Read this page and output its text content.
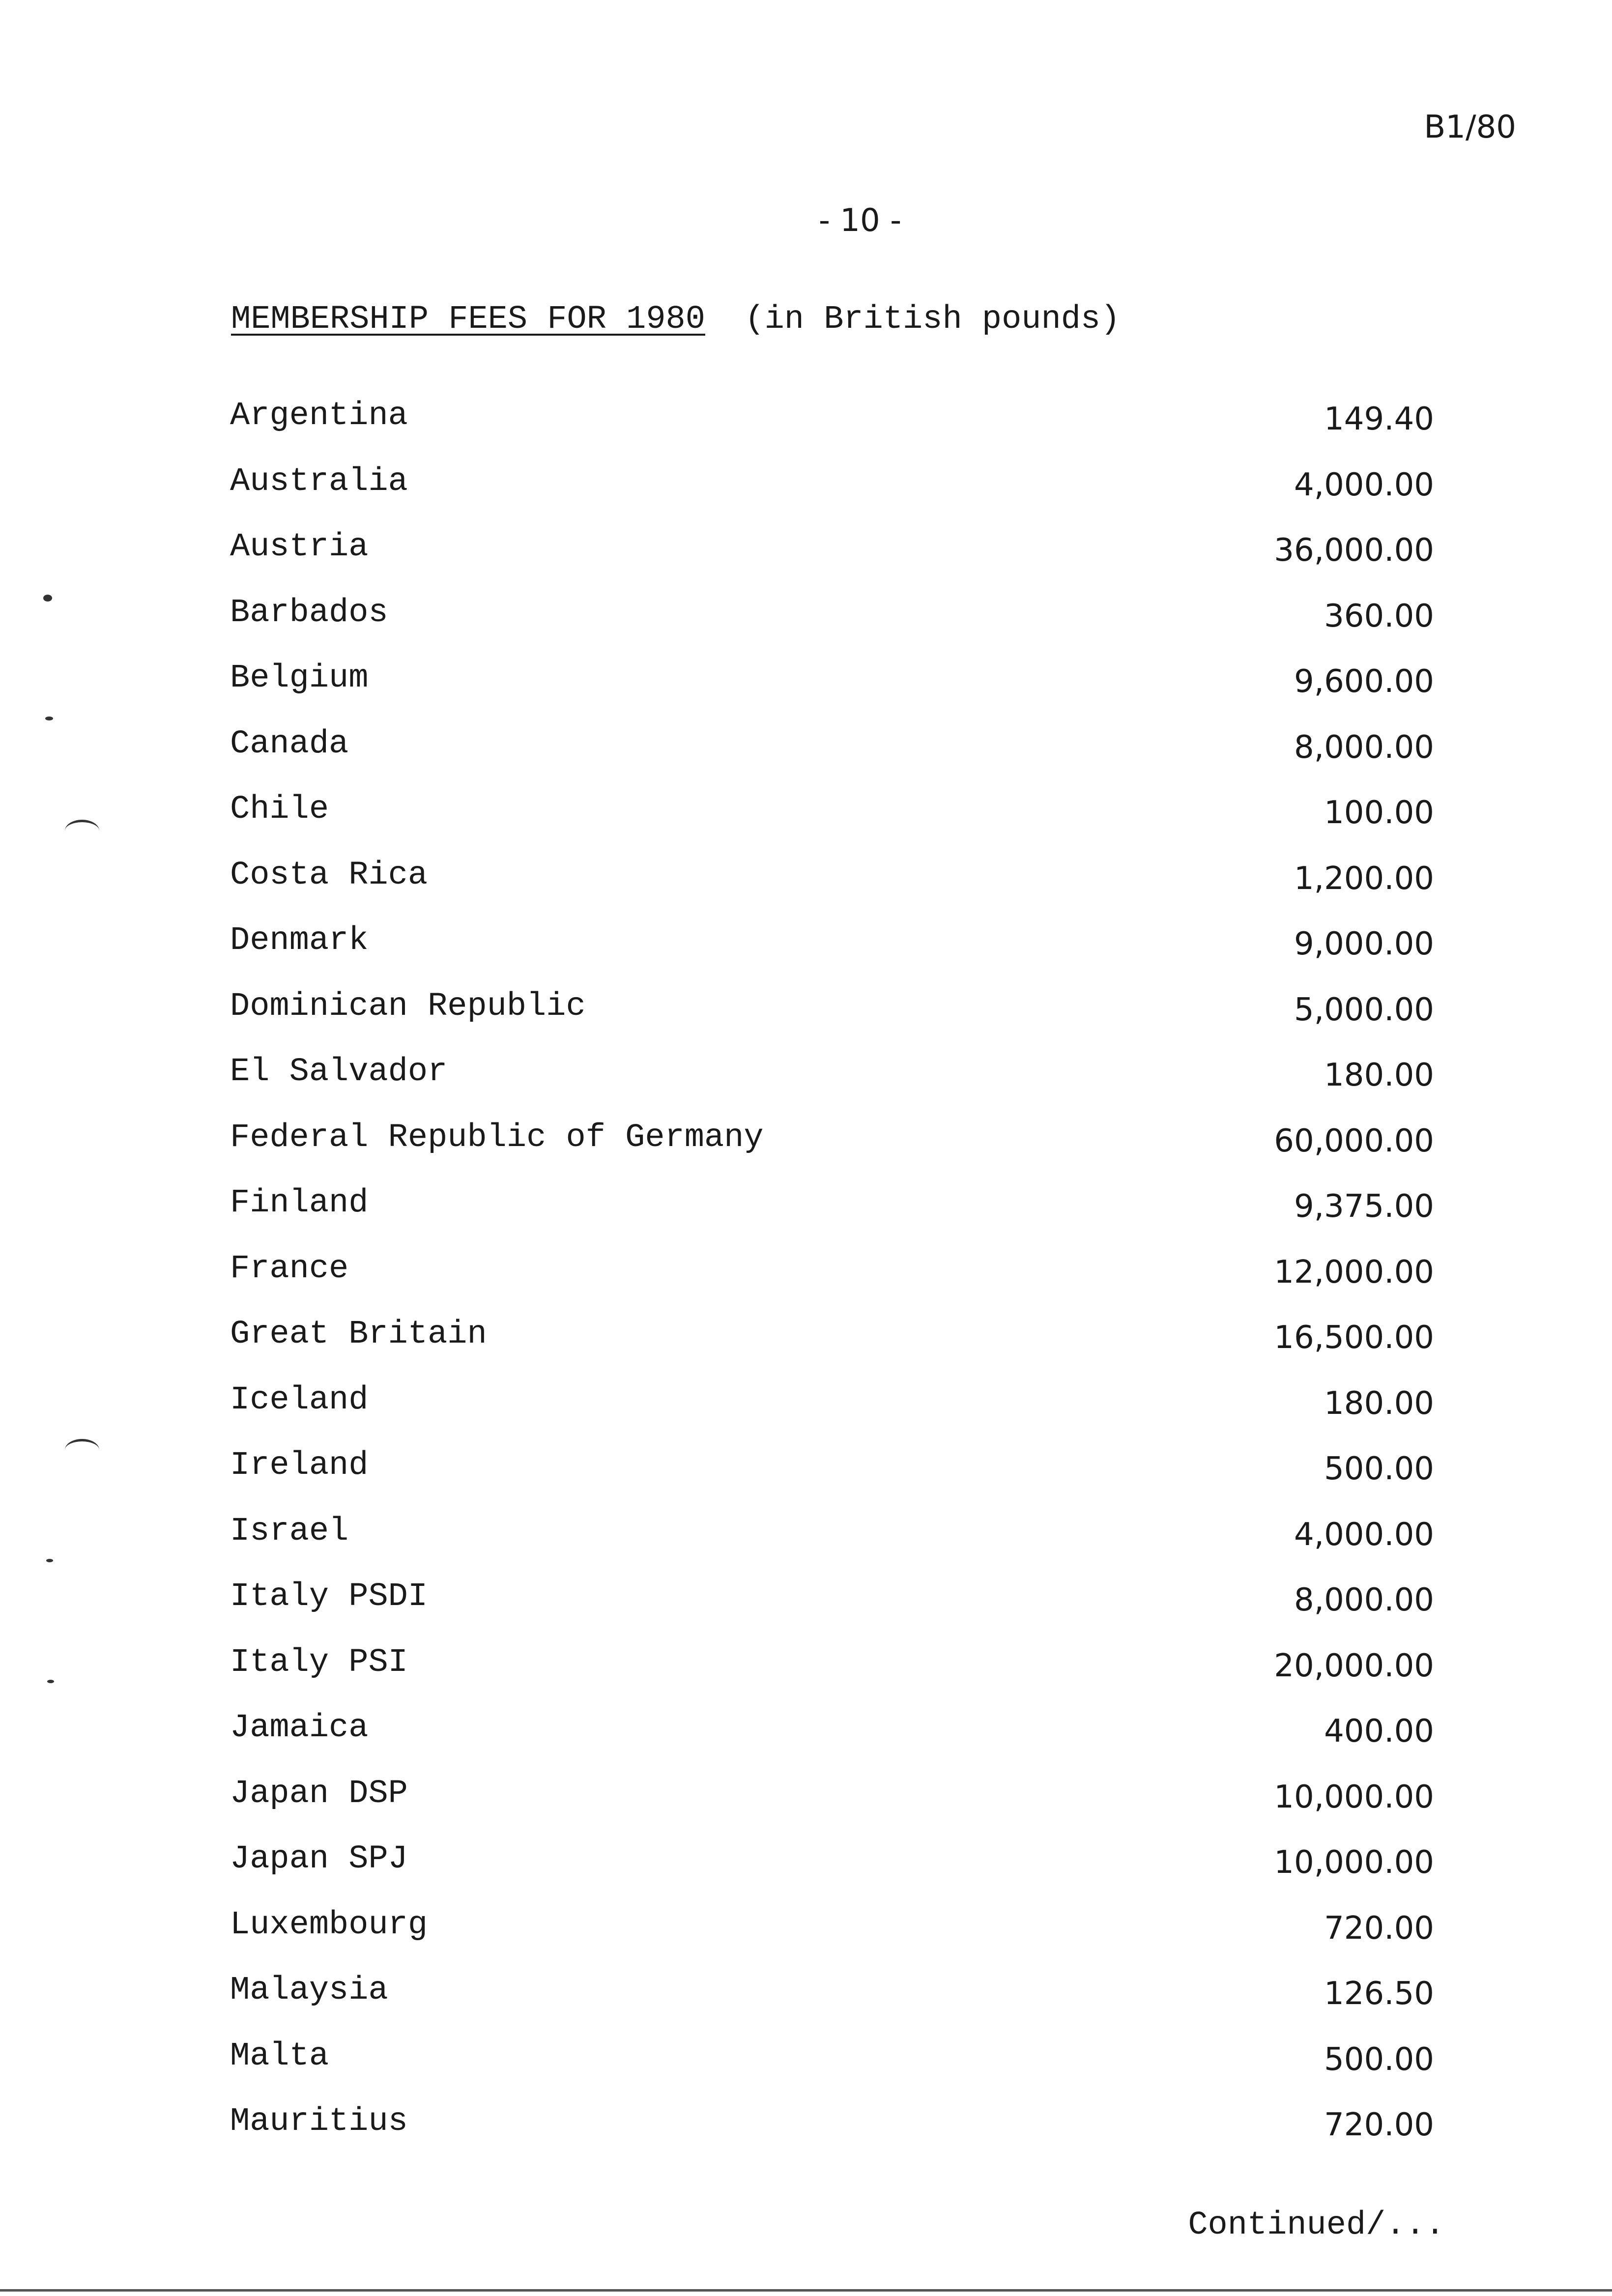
B1/80
- 10 -
MEMBERSHIP FEES FOR 1980 (in British pounds)
Argentina	149.40
Australia	4,000.00
Austria	36,000.00
Barbados	360.00
Belgium	9,600.00
Canada	8,000.00
Chile	100.00
Costa Rica	1,200.00
Denmark	9,000.00
Dominican Republic	5,000.00
El Salvador	180.00
Federal Republic of Germany	60,000.00
Finland	9,375.00
France	12,000.00
Great Britain	16,500.00
Iceland	180.00
Ireland	500.00
Israel	4,000.00
Italy PSDI	8,000.00
Italy PSI	20,000.00
Jamaica	400.00
Japan DSP	10,000.00
Japan SPJ	10,000.00
Luxembourg	720.00
Malaysia	126.50
Malta	500.00
Mauritius	720.00
Continued/...
